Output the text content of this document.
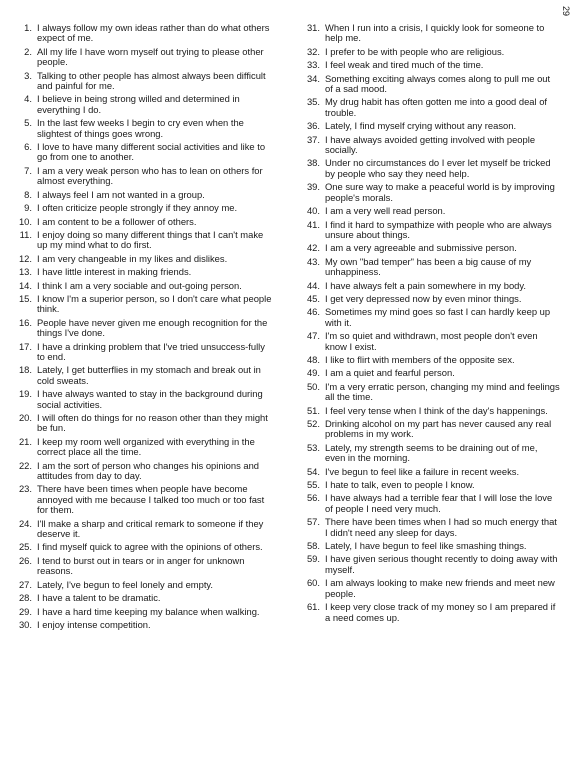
29
1. I always follow my own ideas rather than do what others expect of me.
2. All my life I have worn myself out trying to please other people.
3. Talking to other people has almost always been difficult and painful for me.
4. I believe in being strong willed and determined in everything I do.
5. In the last few weeks I begin to cry even when the slightest of things goes wrong.
6. I love to have many different social activities and like to go from one to another.
7. I am a very weak person who has to lean on others for almost everything.
8. I always feel I am not wanted in a group.
9. I often criticize people strongly if they annoy me.
10. I am content to be a follower of others.
11. I enjoy doing so many different things that I can't make up my mind what to do first.
12. I am very changeable in my likes and dislikes.
13. I have little interest in making friends.
14. I think I am a very sociable and out-going person.
15. I know I'm a superior person, so I don't care what people think.
16. People have never given me enough recognition for the things I've done.
17. I have a drinking problem that I've tried unsuccess-fully to end.
18. Lately, I get butterflies in my stomach and break out in cold sweats.
19. I have always wanted to stay in the background during social activities.
20. I will often do things for no reason other than they might be fun.
21. I keep my room well organized with everything in the correct place all the time.
22. I am the sort of person who changes his opinions and attitudes from day to day.
23. There have been times when people have become annoyed with me because I talked too much or too fast for them.
24. I'll make a sharp and critical remark to someone if they deserve it.
25. I find myself quick to agree with the opinions of others.
26. I tend to burst out in tears or in anger for unknown reasons.
27. Lately, I've begun to feel lonely and empty.
28. I have a talent to be dramatic.
29. I have a hard time keeping my balance when walking.
30. I enjoy intense competition.
31. When I run into a crisis, I quickly look for someone to help me.
32. I prefer to be with people who are religious.
33. I feel weak and tired much of the time.
34. Something exciting always comes along to pull me out of a sad mood.
35. My drug habit has often gotten me into a good deal of trouble.
36. Lately, I find myself crying without any reason.
37. I have always avoided getting involved with people socially.
38. Under no circumstances do I ever let myself be tricked by people who say they need help.
39. One sure way to make a peaceful world is by improving people's morals.
40. I am a very well read person.
41. I find it hard to sympathize with people who are always unsure about things.
42. I am a very agreeable and submissive person.
43. My own "bad temper" has been a big cause of my unhappiness.
44. I have always felt a pain somewhere in my body.
45. I get very depressed now by even minor things.
46. Sometimes my mind goes so fast I can hardly keep up with it.
47. I'm so quiet and withdrawn, most people don't even know I exist.
48. I like to flirt with members of the opposite sex.
49. I am a quiet and fearful person.
50. I'm a very erratic person, changing my mind and feelings all the time.
51. I feel very tense when I think of the day's happenings.
52. Drinking alcohol on my part has never caused any real problems in my work.
53. Lately, my strength seems to be draining out of me, even in the morning.
54. I've begun to feel like a failure in recent weeks.
55. I hate to talk, even to people I know.
56. I have always had a terrible fear that I will lose the love of people I need very much.
57. There have been times when I had so much energy that I didn't need any sleep for days.
58. Lately, I have begun to feel like smashing things.
59. I have given serious thought recently to doing away with myself.
60. I am always looking to make new friends and meet new people.
61. I keep very close track of my money so I am prepared if a need comes up.
